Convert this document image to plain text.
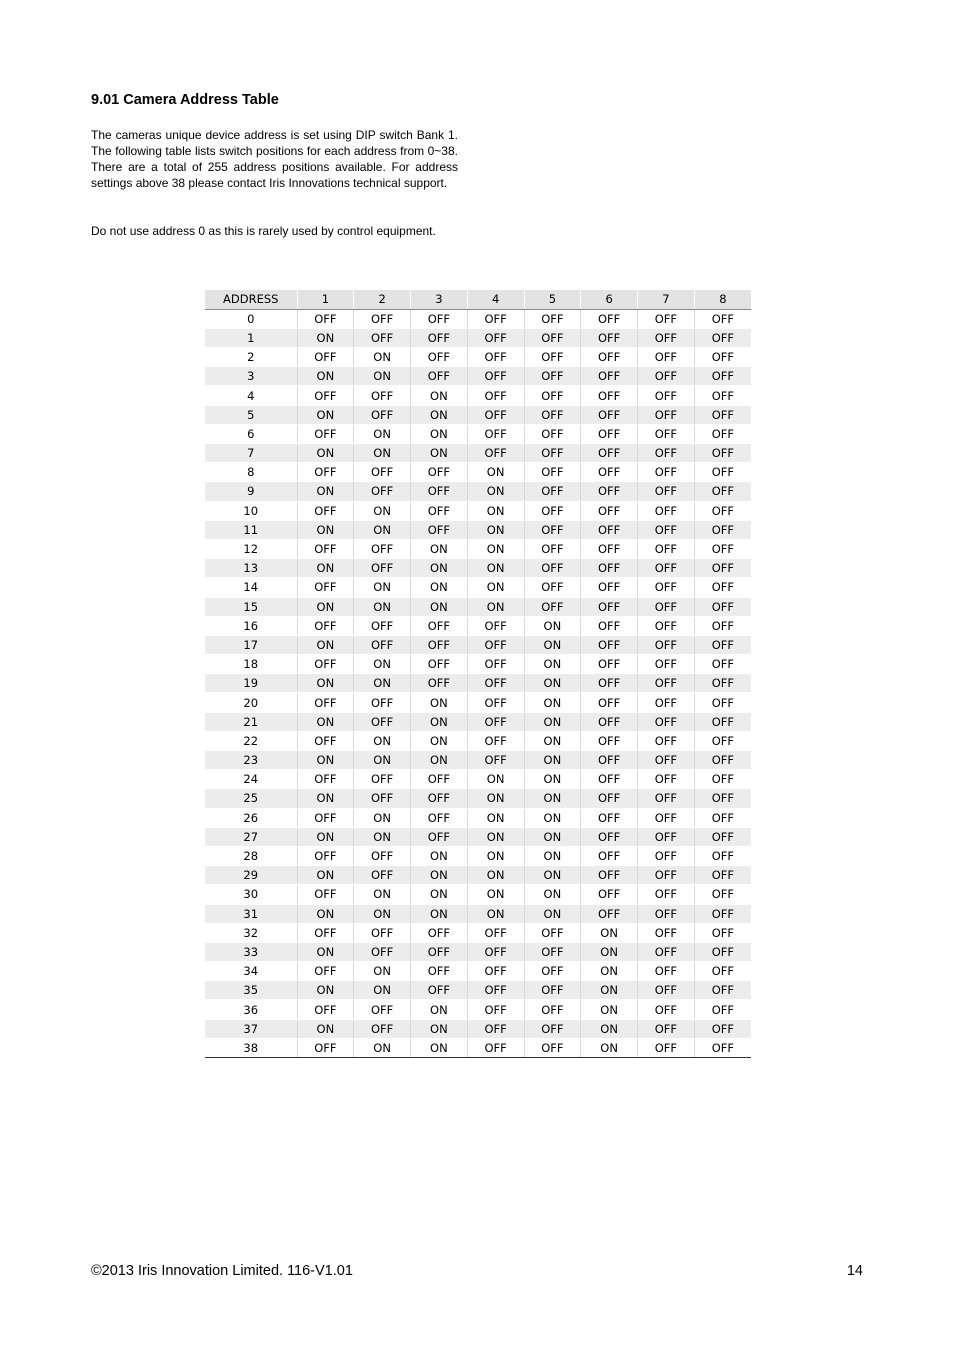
9.01 Camera Address Table

The cameras unique device address is set using DIP switch Bank 1. The following table lists switch positions for each address from 0~38. There are a total of 255 address positions available. For address settings above 38 please contact Iris Innovations technical support.

Do not use address 0 as this is rarely used by control equipment.

ADDRESS	1	2	3	4	5	6	7	8
0	OFF	OFF	OFF	OFF	OFF	OFF	OFF	OFF
1	ON	OFF	OFF	OFF	OFF	OFF	OFF	OFF
2	OFF	ON	OFF	OFF	OFF	OFF	OFF	OFF
3	ON	ON	OFF	OFF	OFF	OFF	OFF	OFF
4	OFF	OFF	ON	OFF	OFF	OFF	OFF	OFF
5	ON	OFF	ON	OFF	OFF	OFF	OFF	OFF
6	OFF	ON	ON	OFF	OFF	OFF	OFF	OFF
7	ON	ON	ON	OFF	OFF	OFF	OFF	OFF
8	OFF	OFF	OFF	ON	OFF	OFF	OFF	OFF
9	ON	OFF	OFF	ON	OFF	OFF	OFF	OFF
10	OFF	ON	OFF	ON	OFF	OFF	OFF	OFF
11	ON	ON	OFF	ON	OFF	OFF	OFF	OFF
12	OFF	OFF	ON	ON	OFF	OFF	OFF	OFF
13	ON	OFF	ON	ON	OFF	OFF	OFF	OFF
14	OFF	ON	ON	ON	OFF	OFF	OFF	OFF
15	ON	ON	ON	ON	OFF	OFF	OFF	OFF
16	OFF	OFF	OFF	OFF	ON	OFF	OFF	OFF
17	ON	OFF	OFF	OFF	ON	OFF	OFF	OFF
18	OFF	ON	OFF	OFF	ON	OFF	OFF	OFF
19	ON	ON	OFF	OFF	ON	OFF	OFF	OFF
20	OFF	OFF	ON	OFF	ON	OFF	OFF	OFF
21	ON	OFF	ON	OFF	ON	OFF	OFF	OFF
22	OFF	ON	ON	OFF	ON	OFF	OFF	OFF
23	ON	ON	ON	OFF	ON	OFF	OFF	OFF
24	OFF	OFF	OFF	ON	ON	OFF	OFF	OFF
25	ON	OFF	OFF	ON	ON	OFF	OFF	OFF
26	OFF	ON	OFF	ON	ON	OFF	OFF	OFF
27	ON	ON	OFF	ON	ON	OFF	OFF	OFF
28	OFF	OFF	ON	ON	ON	OFF	OFF	OFF
29	ON	OFF	ON	ON	ON	OFF	OFF	OFF
30	OFF	ON	ON	ON	ON	OFF	OFF	OFF
31	ON	ON	ON	ON	ON	OFF	OFF	OFF
32	OFF	OFF	OFF	OFF	OFF	ON	OFF	OFF
33	ON	OFF	OFF	OFF	OFF	ON	OFF	OFF
34	OFF	ON	OFF	OFF	OFF	ON	OFF	OFF
35	ON	ON	OFF	OFF	OFF	ON	OFF	OFF
36	OFF	OFF	ON	OFF	OFF	ON	OFF	OFF
37	ON	OFF	ON	OFF	OFF	ON	OFF	OFF
38	OFF	ON	ON	OFF	OFF	ON	OFF	OFF

©2013 Iris Innovation Limited. 116-V1.01	14
